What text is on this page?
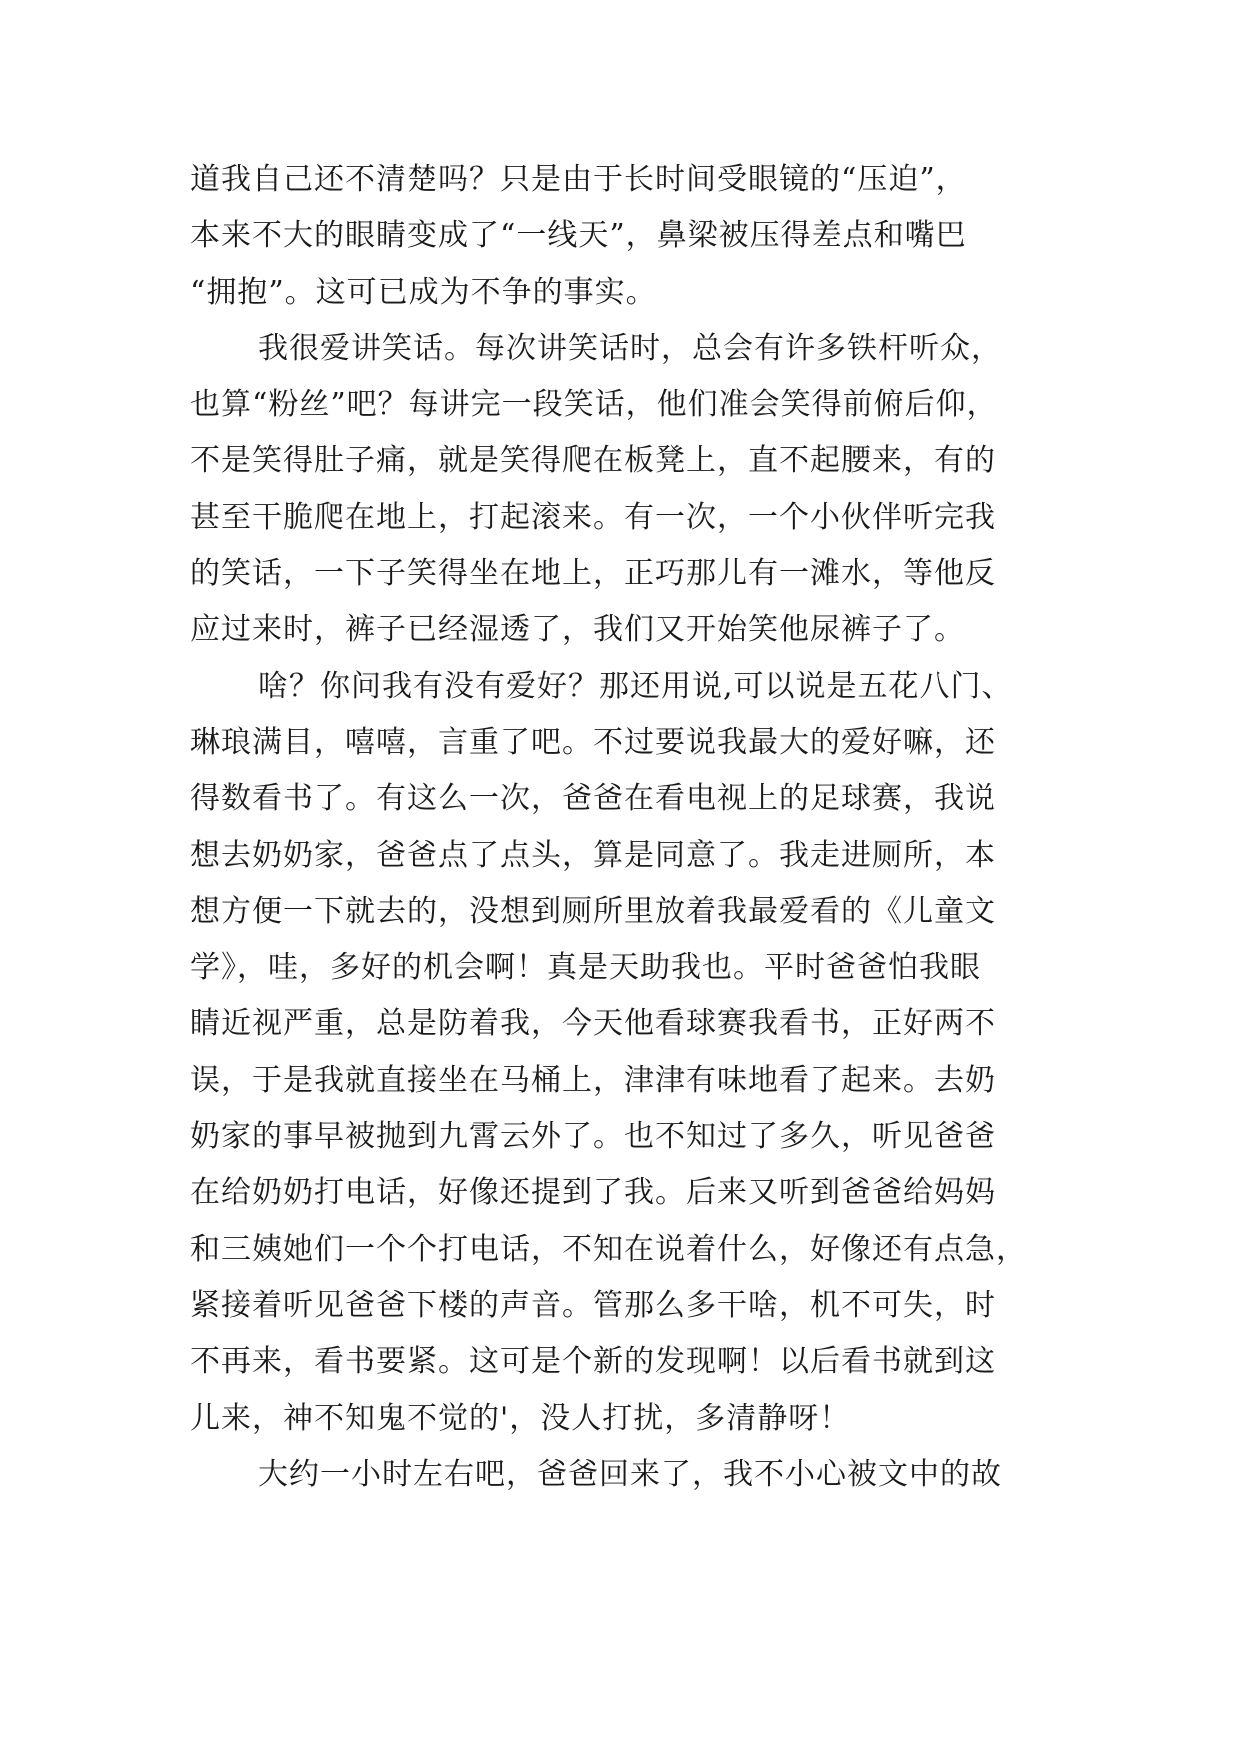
道我自己还不清楚吗？只是由于长时间受眼镜的“压迫”，
本来不大的眼睛变成了“一线天”，鼻梁被压得差点和嘴巴
“拥抱”。这可已成为不争的事实。
我很爱讲笑话。每次讲笑话时，总会有许多铁杆听众，
也算“粉丝”吧？每讲完一段笑话，他们准会笑得前俯后仰，
不是笑得肚子痛，就是笑得爬在板凳上，直不起腰来，有的
甚至干脆爬在地上，打起滚来。有一次，一个小伙伴听完我
的笑话，一下子笑得坐在地上，正巧那儿有一滩水，等他反
应过来时，裤子已经湿透了，我们又开始笑他尿裤子了。
啥？你问我有没有爱好？那还用说,可以说是五花八门、
琳琅满目，嘻嘻，言重了吧。不过要说我最大的爱好嘛，还
得数看书了。有这么一次，爸爸在看电视上的足球赛，我说
想去奶奶家，爸爸点了点头，算是同意了。我走进厕所，本
想方便一下就去的，没想到厕所里放着我最爱看的《儿童文
学》，哇，多好的机会啊！真是天助我也。平时爸爸怕我眼
睛近视严重，总是防着我，今天他看球赛我看书，正好两不
误，于是我就直接坐在马桶上，津津有味地看了起来。去奶
奶家的事早被抛到九霄云外了。也不知过了多久，听见爸爸
在给奶奶打电话，好像还提到了我。后来又听到爸爸给妈妈
和三姨她们一个个打电话，不知在说着什么，好像还有点急，
紧接着听见爸爸下楼的声音。管那么多干啥，机不可失，时
不再来，看书要紧。这可是个新的发现啊！以后看书就到这
儿来，神不知鬼不觉的'，没人打扰，多清静呀！
大约一小时左右吧，爸爸回来了，我不小心被文中的故
